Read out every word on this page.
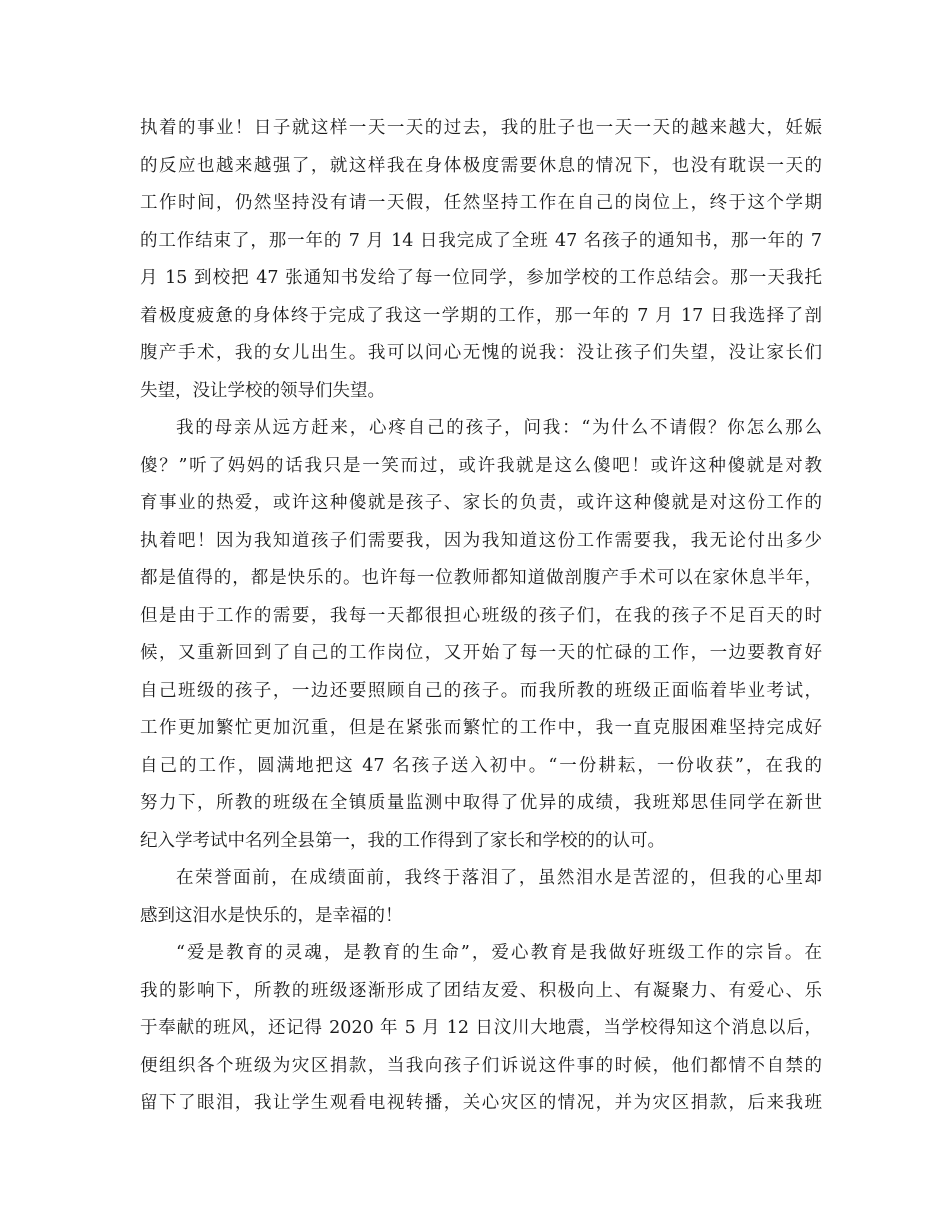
执着的事业！日子就这样一天一天的过去，我的肚子也一天一天的越来越大，妊娠
的反应也越来越强了，就这样我在身体极度需要休息的情况下，也没有耽误一天的
工作时间，仍然坚持没有请一天假，任然坚持工作在自己的岗位上，终于这个学期
的工作结束了，那一年的 7 月 14 日我完成了全班 47 名孩子的通知书，那一年的 7
月 15 到校把 47 张通知书发给了每一位同学，参加学校的工作总结会。那一天我托
着极度疲惫的身体终于完成了我这一学期的工作，那一年的 7 月 17 日我选择了剖
腹产手术，我的女儿出生。我可以问心无愧的说我：没让孩子们失望，没让家长们
失望，没让学校的领导们失望。
我的母亲从远方赶来，心疼自己的孩子，问我：“为什么不请假？你怎么那么
傻？”听了妈妈的话我只是一笑而过，或许我就是这么傻吧！或许这种傻就是对教
育事业的热爱，或许这种傻就是孩子、家长的负责，或许这种傻就是对这份工作的
执着吧！因为我知道孩子们需要我，因为我知道这份工作需要我，我无论付出多少
都是值得的，都是快乐的。也许每一位教师都知道做剖腹产手术可以在家休息半年，
但是由于工作的需要，我每一天都很担心班级的孩子们，在我的孩子不足百天的时
候，又重新回到了自己的工作岗位，又开始了每一天的忙碌的工作，一边要教育好
自己班级的孩子，一边还要照顾自己的孩子。而我所教的班级正面临着毕业考试，
工作更加繁忙更加沉重，但是在紧张而繁忙的工作中，我一直克服困难坚持完成好
自己的工作，圆满地把这 47 名孩子送入初中。“一份耕耘，一份收获”，在我的
努力下，所教的班级在全镇质量监测中取得了优异的成绩，我班郑思佳同学在新世
纪入学考试中名列全县第一，我的工作得到了家长和学校的的认可。
在荣誉面前，在成绩面前，我终于落泪了，虽然泪水是苦涩的，但我的心里却
感到这泪水是快乐的，是幸福的！
“爱是教育的灵魂，是教育的生命”，爱心教育是我做好班级工作的宗旨。在
我的影响下，所教的班级逐渐形成了团结友爱、积极向上、有凝聚力、有爱心、乐
于奉献的班风，还记得 2020 年 5 月 12 日汶川大地震，当学校得知这个消息以后，
便组织各个班级为灾区捐款，当我向孩子们诉说这件事的时候，他们都情不自禁的
留下了眼泪，我让学生观看电视转播，关心灾区的情况，并为灾区捐款，后来我班
